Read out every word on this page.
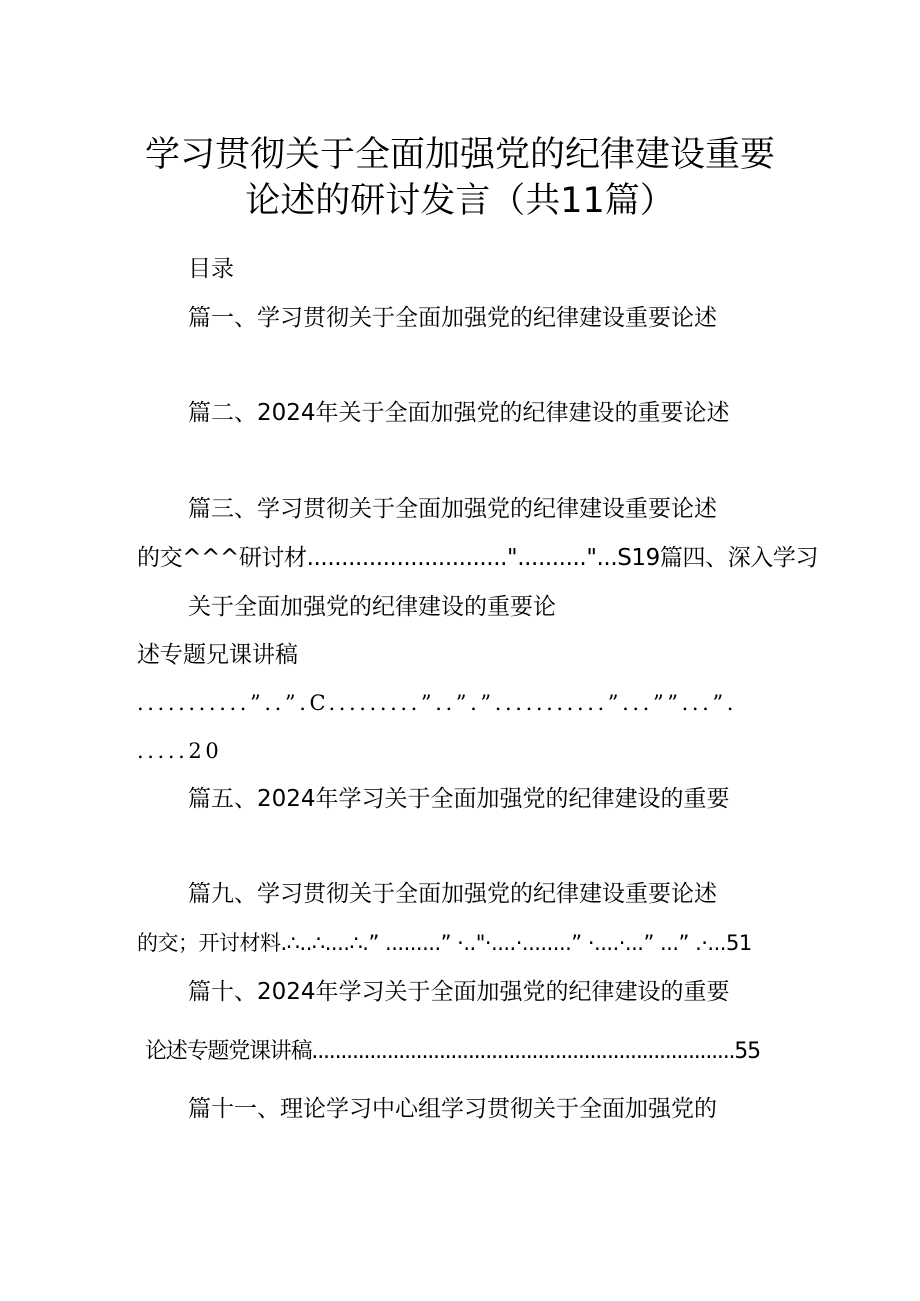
学习贯彻关于全面加强党的纪律建设重要
论述的研讨发言（共11篇）
目录
篇一、学习贯彻关于全面加强党的纪律建设重要论述
篇二、2024年关于全面加强党的纪律建设的重要论述
篇三、学习贯彻关于全面加强党的纪律建设重要论述
的交^^^研讨材.............................".........."...S19篇四、深入学习
关于全面加强党的纪律建设的重要论
述专题兄课讲稿
...........”..”.C.........”..”.”...........”...””...”.
.....20
篇五、2024年学习关于全面加强党的纪律建设的重要
篇九、学习贯彻关于全面加强党的纪律建设重要论述
的交；开讨材料.∴..∴....∴.” .........” ·.."·....·........” ·....·...” ...” .·...51
篇十、2024年学习关于全面加强党的纪律建设的重要
论述专题党课讲稿.........................................................................55
篇十一、理论学习中心组学习贯彻关于全面加强党的
